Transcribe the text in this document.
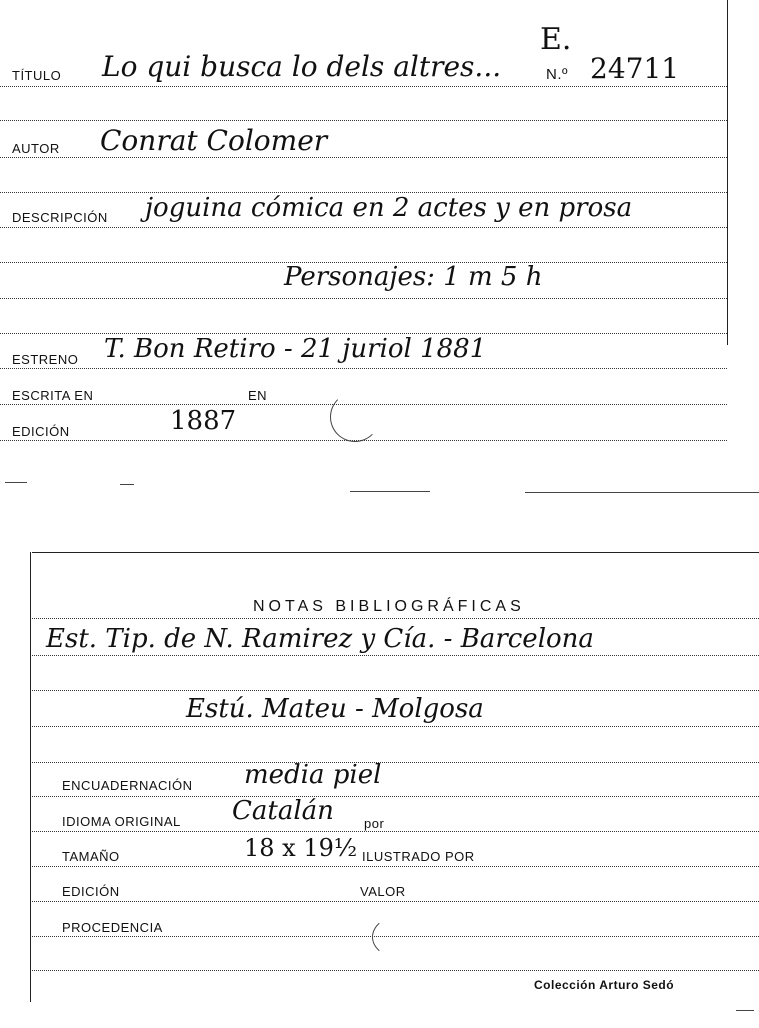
TÍTULO Lo qui busca lo dels altres...	N.º 24711
E.
AUTOR Conrat Colomer
DESCRIPCIÓN joguina cómica en 2 actes y en prosa
Personajes: 1 m 5 h
ESTRENO T. Bon Retiro - 21 juriol 1881
ESCRITA EN	EN
EDICIÓN	1887
NOTAS BIBLIOGRÁFICAS
Est. Tip. de N. Ramirez y Cía. - Barcelona
Estú. Mateu - Molgosa
ENCUADERNACIÓN media piel
IDIOMA ORIGINAL Catalán por
TAMAÑO	18 x 19½ ILUSTRADO POR
EDICIÓN	VALOR
PROCEDENCIA
Colección Arturo Sedó
